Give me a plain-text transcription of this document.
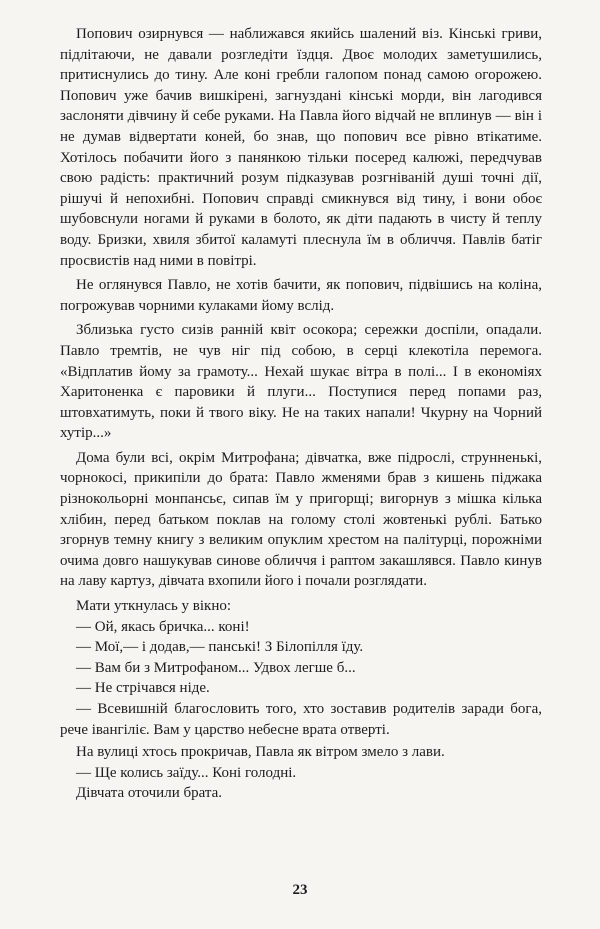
Попович озирнувся — наближався якийсь шалений віз. Кінські гриви, підлітаючи, не давали розгледіти їздця. Двоє молодих заметушились, притиснулись до тину. Але коні гребли галопом понад самою огорожею. Попович уже бачив вишкірені, загнуздані кінські морди, він лагодився заслоняти дівчину й себе руками. На Павла його відчай не вплинув — він і не думав відвертати коней, бо знав, що попович все рівно втікатиме. Хотілось побачити його з панянкою тільки посеред калюжі, передчував свою радість: практичний розум підказував розгніваній душі точні дії, рішучі й непохибні. Попович справді смикнувся від тину, і вони обоє шубовснули ногами й руками в болото, як діти падають в чисту й теплу воду. Бризки, хвиля збитої каламуті плеснула їм в обличчя. Павлів батіг просвистів над ними в повітрі.

Не оглянувся Павло, не хотів бачити, як попович, підвішись на коліна, погрожував чорними кулаками йому вслід.

Зблизька густо сизів ранній квіт осокора; сережки доспіли, опадали. Павло тремтів, не чув ніг під собою, в серці клекотіла перемога. «Відплатив йому за грамоту... Нехай шукає вітра в полі... І в економіях Харитоненка є паровики й плуги... Поступися перед попами раз, штовхатимуть, поки й твого віку. Не на таких напали! Чкурну на Чорний хутір...»

Дома були всі, окрім Митрофана; дівчатка, вже підрослі, струнненькі, чорнокосі, прикипіли до брата: Павло жменями брав з кишень піджака різнокольорні монпансьє, сипав їм у пригорщі; вигорнув з мішка кілька хлібин, перед батьком поклав на голому столі жовтенькі рублі. Батько згорнув темну книгу з великим опуклим хрестом на палітурці, порожніми очима довго нашукував синове обличчя і раптом закашлявся. Павло кинув на лаву картуз, дівчата вхопили його і почали розглядати.

Мати уткнулась у вікно:

— Ой, якась бричка... коні!

— Мої,— і додав,— панські! З Білопілля їду.

— Вам би з Митрофаном... Удвох легше б...

— Не стрічався ніде.

— Всевишній благословить того, хто зоставив родителів заради бога, рече івангіліє. Вам у царство небесне врата отверті.

На вулиці хтось прокричав, Павла як вітром змело з лави.

— Ще колись заїду... Коні голодні.

Дівчата оточили брата.

23
